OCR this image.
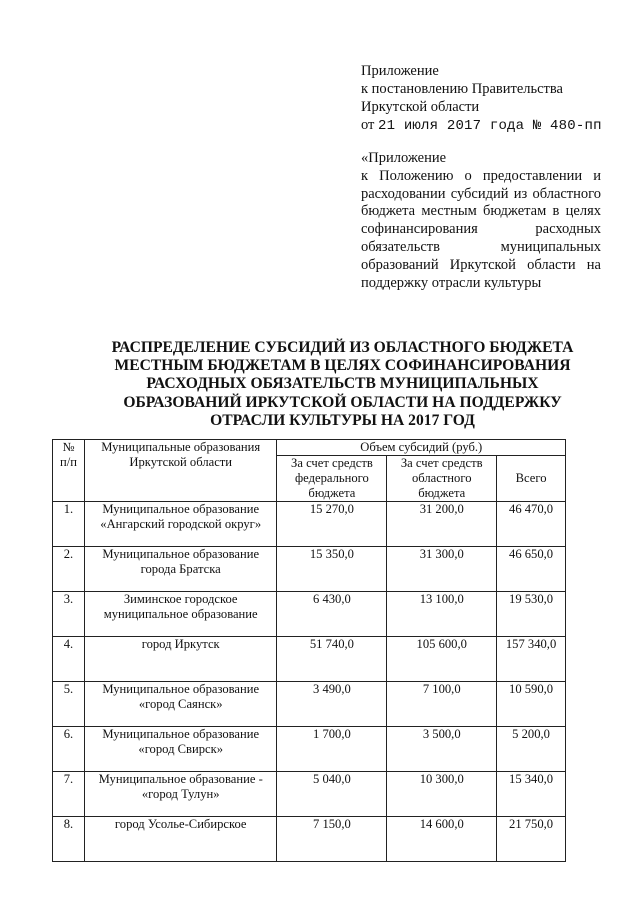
Приложение
к постановлению Правительства
Иркутской области
от 21 июля 2017 года № 480-пп
«Приложение
к Положению о предоставлении и расходовании субсидий из областного бюджета местным бюджетам в целях софинансирования расходных обязательств муниципальных образований Иркутской области на поддержку отрасли культуры
РАСПРЕДЕЛЕНИЕ СУБСИДИЙ ИЗ ОБЛАСТНОГО БЮДЖЕТА
МЕСТНЫМ БЮДЖЕТАМ В ЦЕЛЯХ СОФИНАНСИРОВАНИЯ
РАСХОДНЫХ ОБЯЗАТЕЛЬСТВ МУНИЦИПАЛЬНЫХ
ОБРАЗОВАНИЙ ИРКУТСКОЙ ОБЛАСТИ НА ПОДДЕРЖКУ
ОТРАСЛИ КУЛЬТУРЫ НА 2017 ГОД
№ п/п	Муниципальные образования Иркутской области	Объем субсидий (руб.)		
		За счет средств федерального бюджета	За счет средств областного бюджета	Всего
1.	Муниципальное образование «Ангарский городской округ»	15 270,0	31 200,0	46 470,0
2.	Муниципальное образование города Братска	15 350,0	31 300,0	46 650,0
3.	Зиминское городское муниципальное образование	6 430,0	13 100,0	19 530,0
4.	город Иркутск	51 740,0	105 600,0	157 340,0
5.	Муниципальное образование «город Саянск»	3 490,0	7 100,0	10 590,0
6.	Муниципальное образование «город Свирск»	1 700,0	3 500,0	5 200,0
7.	Муниципальное образование - «город Тулун»	5 040,0	10 300,0	15 340,0
8.	город Усолье-Сибирское	7 150,0	14 600,0	21 750,0
